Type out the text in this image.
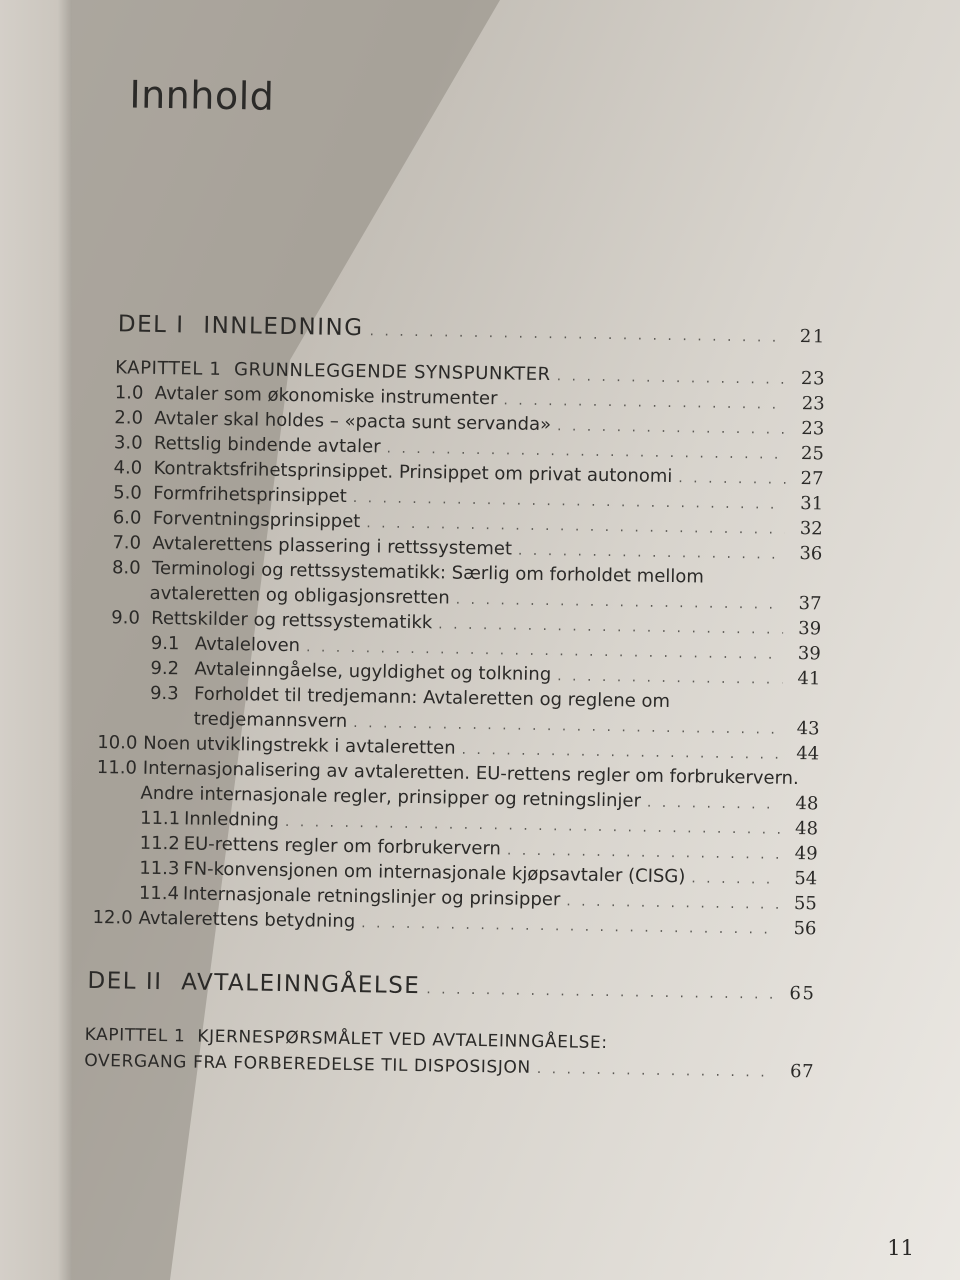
Innhold
DEL I
INNLEDNING . . .	21
KAPITTEL 1
GRUNNLEGGENDE SYNSPUNKTER . . .	23
1.0 Avtaler som økonomiske instrumenter . . .	23
2.0 Avtaler skal holdes – «pacta sunt servanda» . . .	23
3.0 Rettslig bindende avtaler . . .	25
4.0 Kontraktsfrihetsprinsippet. Prinsippet om privat autonomi . . .	27
5.0 Formfrihetsprinsippet . . .	31
6.0 Forventningsprinsippet . . .	32
7.0 Avtalerettens plassering i rettssystemet . . .	36
8.0 Terminologi og rettssystematikk: Særlig om forholdet mellom
avtaleretten og obligasjonsretten . . .	37
9.0 Rettskilder og rettssystematikk . . .	39
9.1 Avtaleloven . . .	39
9.2 Avtaleinngåelse, ugyldighet og tolkning . . .	41
9.3 Forholdet til tredjemann: Avtaleretten og reglene om
tredjemannsvern . . .	43
10.0 Noen utviklingstrekk i avtaleretten . . .	44
11.0 Internasjonalisering av avtaleretten. EU-rettens regler om forbrukervern.
Andre internasjonale regler, prinsipper og retningslinjer . . .	48
11.1 Innledning . . .	48
11.2 EU-rettens regler om forbrukervern . . .	49
11.3 FN-konvensjonen om internasjonale kjøpsavtaler (CISG) . . .	54
11.4 Internasjonale retningslinjer og prinsipper . . .	55
12.0 Avtalerettens betydning . . .	56
DEL II
AVTALEINNGÅELSE . . .	65
KAPITTEL 1 KJERNESPØRSMÅLET VED AVTALEINNGÅELSE:
OVERGANG FRA FORBEREDELSE TIL DISPOSISJON . . .	67
11
